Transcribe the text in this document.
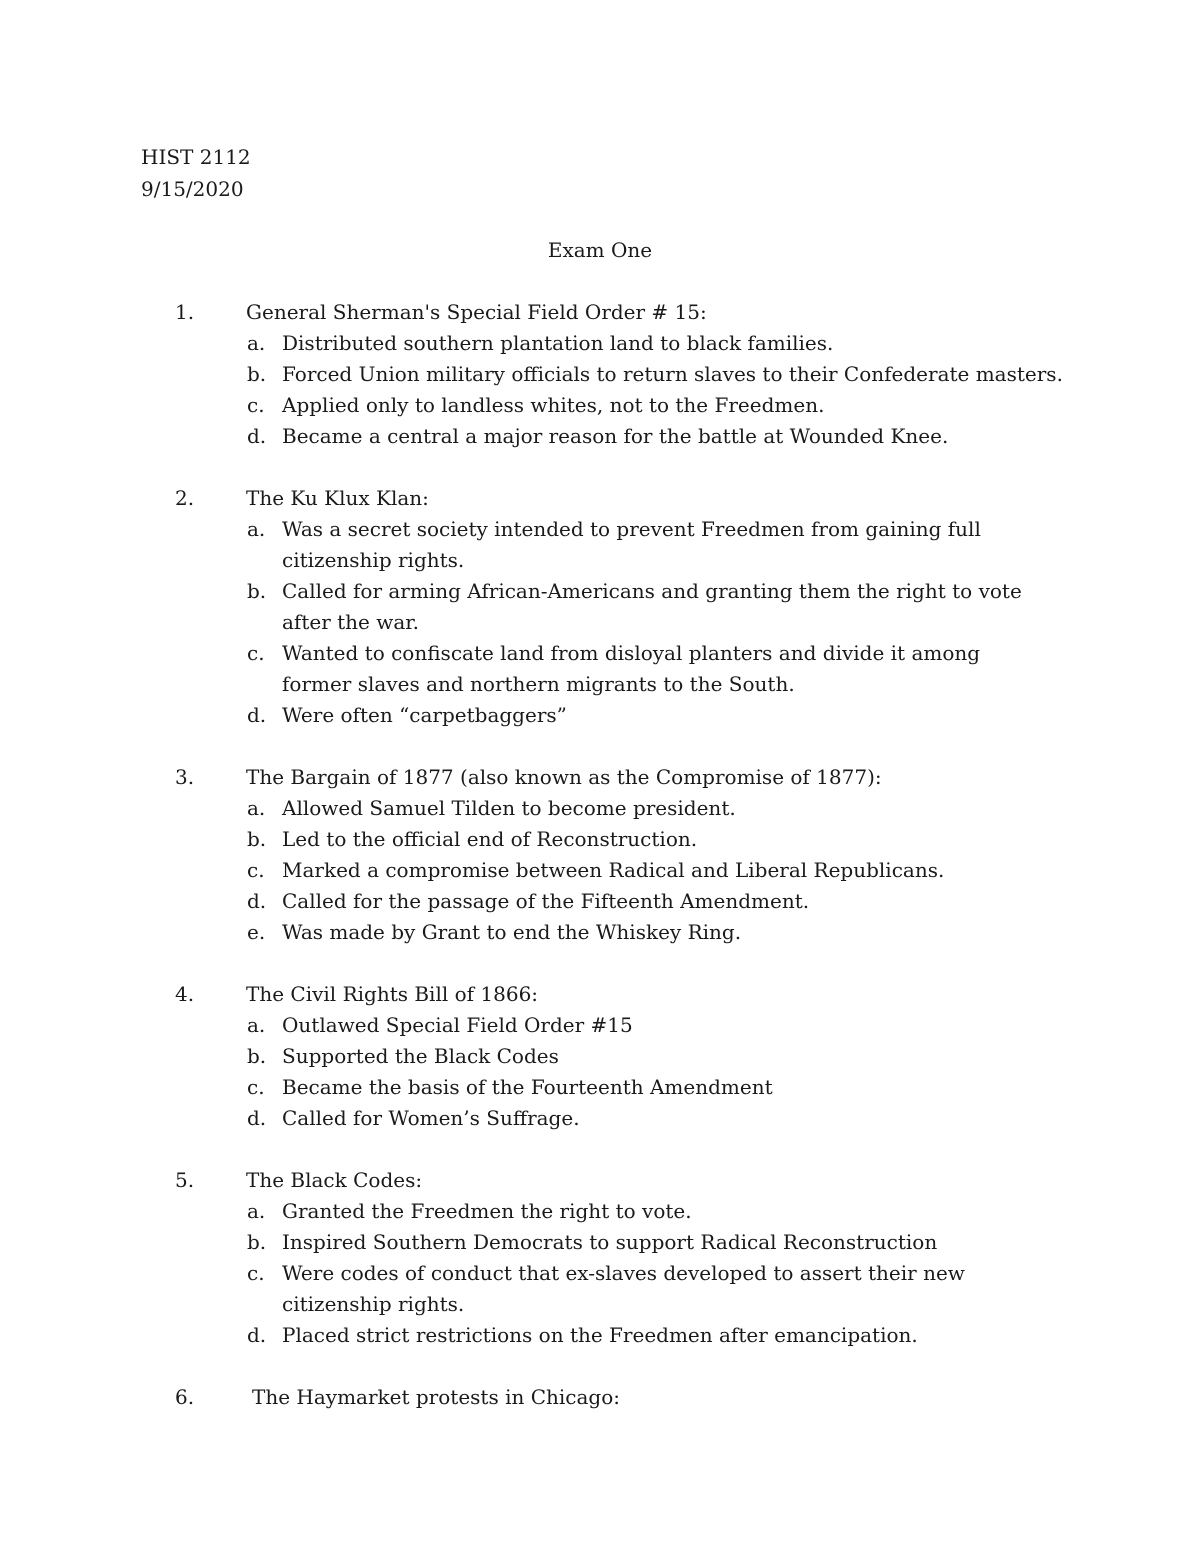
HIST 2112
9/15/2020
Exam One
1.	General Sherman's Special Field Order # 15:
a. Distributed southern plantation land to black families.
b. Forced Union military officials to return slaves to their Confederate masters.
c. Applied only to landless whites, not to the Freedmen.
d. Became a central a major reason for the battle at Wounded Knee.
2.	The Ku Klux Klan:
a. Was a secret society intended to prevent Freedmen from gaining full citizenship rights.
b. Called for arming African-Americans and granting them the right to vote after the war.
c. Wanted to confiscate land from disloyal planters and divide it among former slaves and northern migrants to the South.
d. Were often “carpetbaggers”
3.	The Bargain of 1877 (also known as the Compromise of 1877):
a. Allowed Samuel Tilden to become president.
b. Led to the official end of Reconstruction.
c. Marked a compromise between Radical and Liberal Republicans.
d. Called for the passage of the Fifteenth Amendment.
e. Was made by Grant to end the Whiskey Ring.
4.	The Civil Rights Bill of 1866:
a. Outlawed Special Field Order #15
b. Supported the Black Codes
c. Became the basis of the Fourteenth Amendment
d. Called for Women’s Suffrage.
5.	The Black Codes:
a. Granted the Freedmen the right to vote.
b. Inspired Southern Democrats to support Radical Reconstruction
c. Were codes of conduct that ex-slaves developed to assert their new citizenship rights.
d. Placed strict restrictions on the Freedmen after emancipation.
6.	The Haymarket protests in Chicago:
